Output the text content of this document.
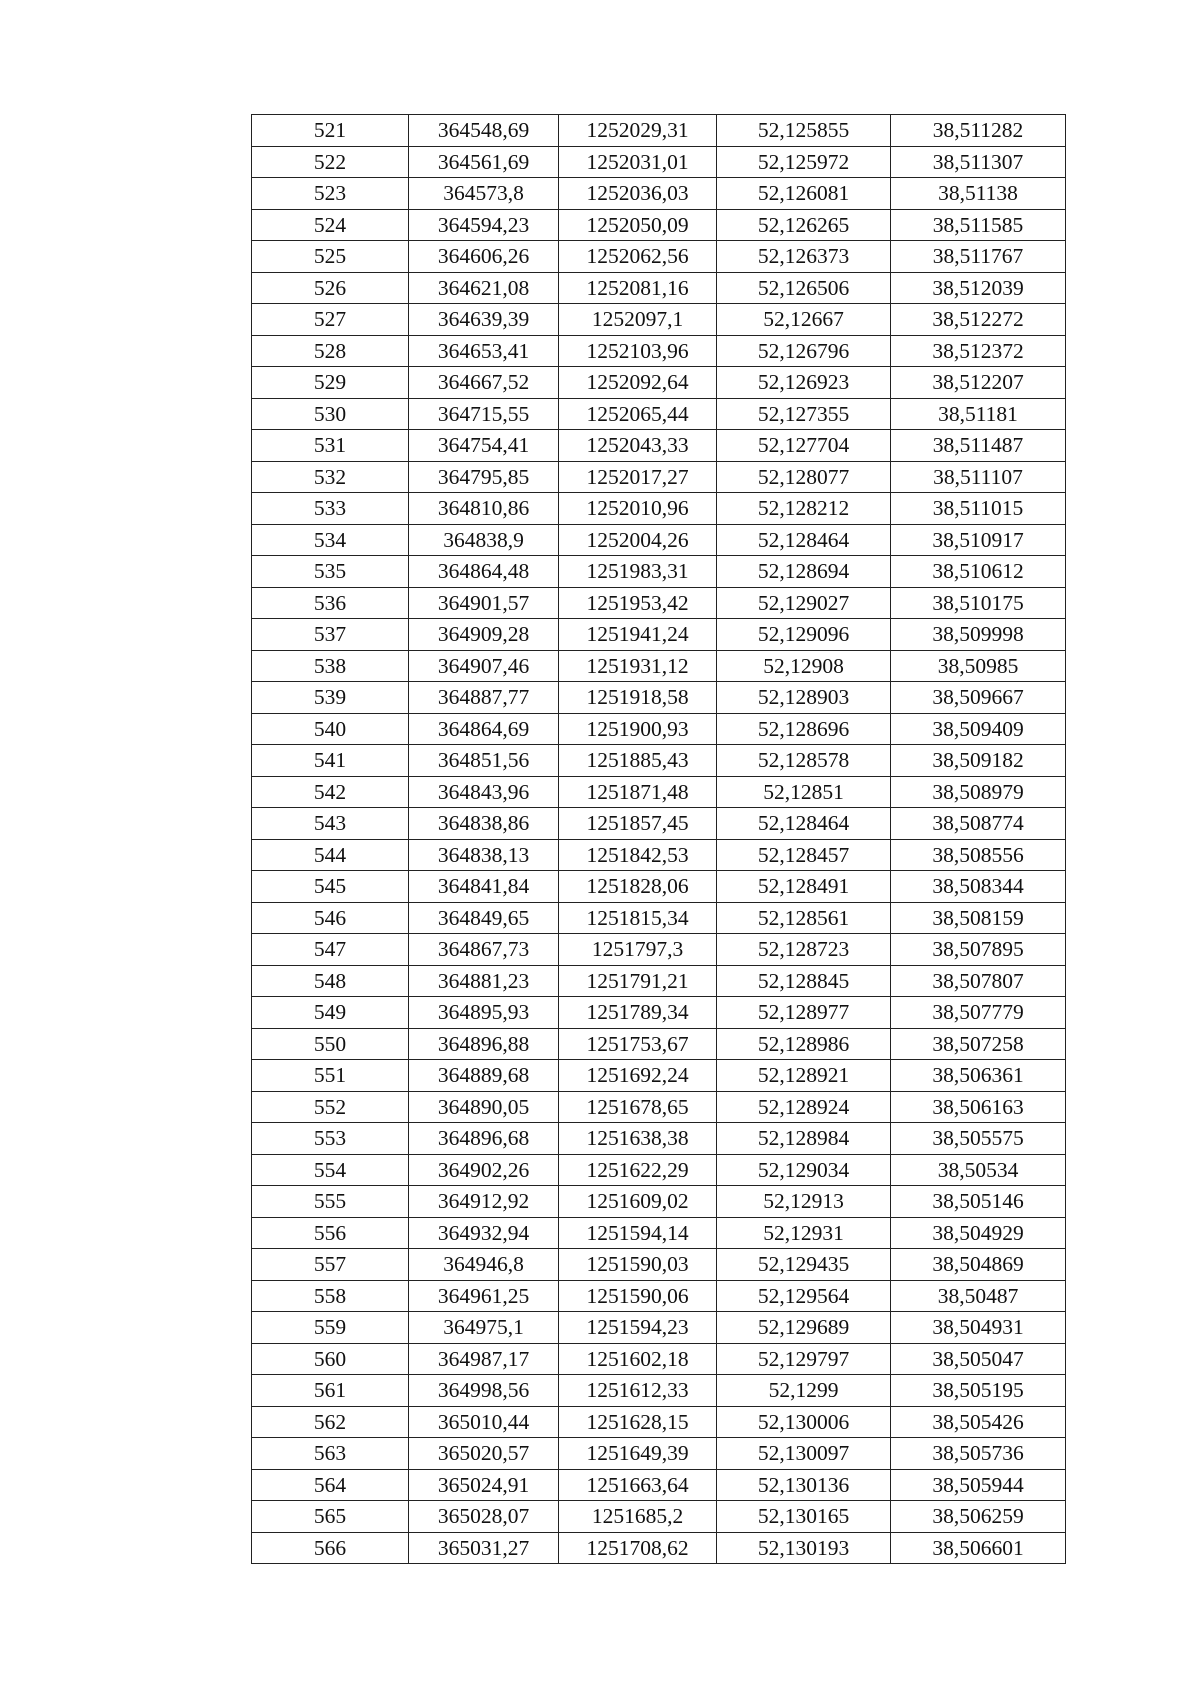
521	364548,69	1252029,31	52,125855	38,511282
522	364561,69	1252031,01	52,125972	38,511307
523	364573,8	1252036,03	52,126081	38,51138
524	364594,23	1252050,09	52,126265	38,511585
525	364606,26	1252062,56	52,126373	38,511767
526	364621,08	1252081,16	52,126506	38,512039
527	364639,39	1252097,1	52,12667	38,512272
528	364653,41	1252103,96	52,126796	38,512372
529	364667,52	1252092,64	52,126923	38,512207
530	364715,55	1252065,44	52,127355	38,51181
531	364754,41	1252043,33	52,127704	38,511487
532	364795,85	1252017,27	52,128077	38,511107
533	364810,86	1252010,96	52,128212	38,511015
534	364838,9	1252004,26	52,128464	38,510917
535	364864,48	1251983,31	52,128694	38,510612
536	364901,57	1251953,42	52,129027	38,510175
537	364909,28	1251941,24	52,129096	38,509998
538	364907,46	1251931,12	52,12908	38,50985
539	364887,77	1251918,58	52,128903	38,509667
540	364864,69	1251900,93	52,128696	38,509409
541	364851,56	1251885,43	52,128578	38,509182
542	364843,96	1251871,48	52,12851	38,508979
543	364838,86	1251857,45	52,128464	38,508774
544	364838,13	1251842,53	52,128457	38,508556
545	364841,84	1251828,06	52,128491	38,508344
546	364849,65	1251815,34	52,128561	38,508159
547	364867,73	1251797,3	52,128723	38,507895
548	364881,23	1251791,21	52,128845	38,507807
549	364895,93	1251789,34	52,128977	38,507779
550	364896,88	1251753,67	52,128986	38,507258
551	364889,68	1251692,24	52,128921	38,506361
552	364890,05	1251678,65	52,128924	38,506163
553	364896,68	1251638,38	52,128984	38,505575
554	364902,26	1251622,29	52,129034	38,50534
555	364912,92	1251609,02	52,12913	38,505146
556	364932,94	1251594,14	52,12931	38,504929
557	364946,8	1251590,03	52,129435	38,504869
558	364961,25	1251590,06	52,129564	38,50487
559	364975,1	1251594,23	52,129689	38,504931
560	364987,17	1251602,18	52,129797	38,505047
561	364998,56	1251612,33	52,1299	38,505195
562	365010,44	1251628,15	52,130006	38,505426
563	365020,57	1251649,39	52,130097	38,505736
564	365024,91	1251663,64	52,130136	38,505944
565	365028,07	1251685,2	52,130165	38,506259
566	365031,27	1251708,62	52,130193	38,506601
